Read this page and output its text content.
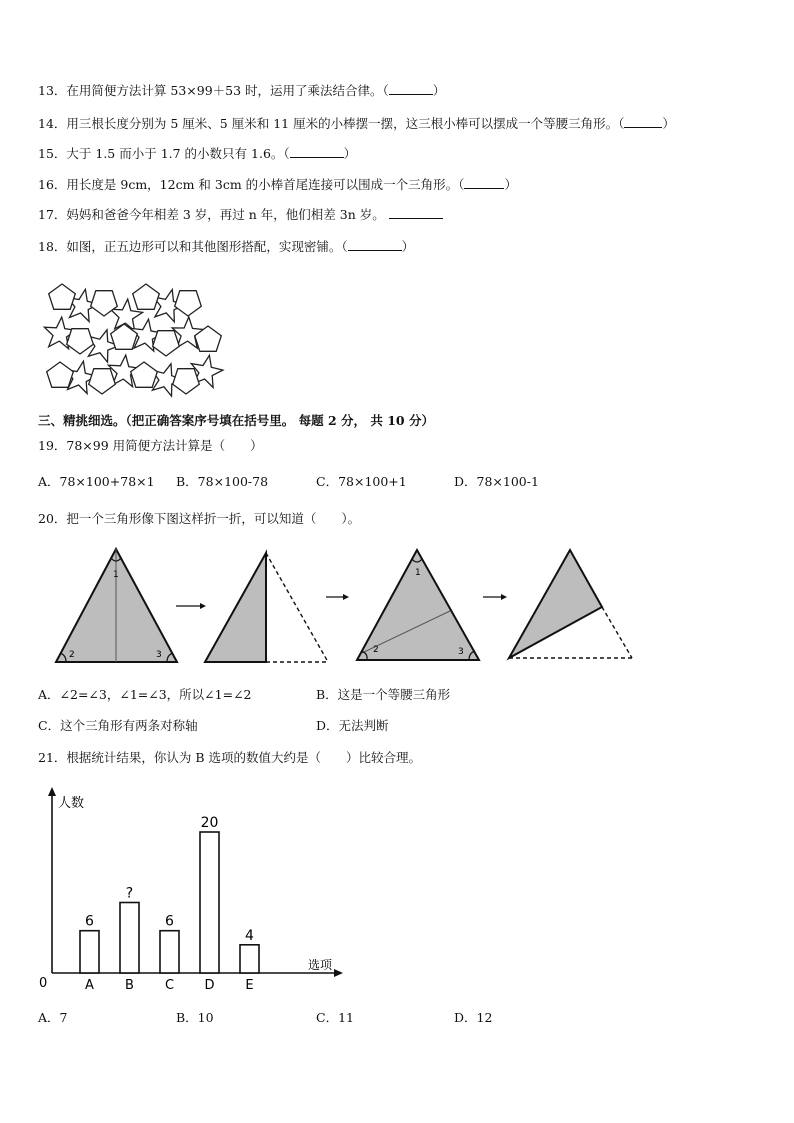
13．在用简便方法计算 53×99＋53 时，运用了乘法结合律。（	）
14．用三根长度分别为 5 厘米、5 厘米和 11 厘米的小棒摆一摆，这三根小棒可以摆成一个等腰三角形。（	）
15．大于 1.5 而小于 1.7 的小数只有 1.6。（	）
16．用长度是 9cm，12cm 和 3cm 的小棒首尾连接可以围成一个三角形。（	）
17．妈妈和爸爸今年相差 3 岁，再过 n 年，他们相差 3n 岁。
18．如图，正五边形可以和其他图形搭配，实现密铺。（	）
三、精挑细选。（把正确答案序号填在括号里。 每题 2 分， 共 10 分）
19．78×99 用简便方法计算是（　　）
A．78×100+78×1 B．78×100-78	C．78×100+1	D．78×100-1
20．把一个三角形像下图这样折一折，可以知道（　　）。
1
2	3
1
2	3
A．∠2=∠3，∠1=∠3，所以∠1=∠2	B．这是一个等腰三角形
C．这个三角形有两条对称轴	D．无法判断
21．根据统计结果，你认为 B 选项的数值大约是（　　）比较合理。
人数
选项
0
6
A
?
B
6
C
20
D
4
E
A．7	B．10	C．11	D．12
